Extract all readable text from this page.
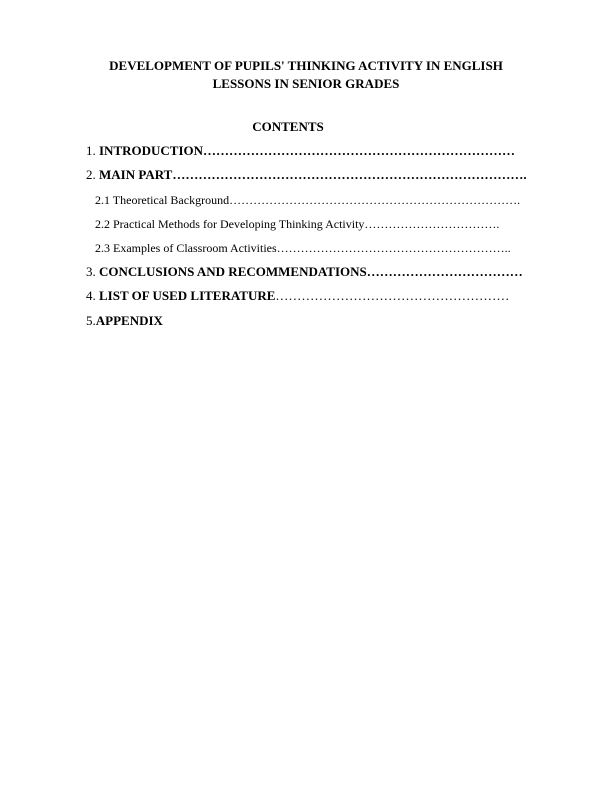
DEVELOPMENT OF PUPILS' THINKING ACTIVITY IN ENGLISH
LESSONS IN SENIOR GRADES
CONTENTS
1. INTRODUCTION………………………………………………………………
2. MAIN PART……………………………………………………………………….
2.1 Theoretical Background……………………………………………………………….
2.2 Practical Methods for Developing Thinking Activity…………………………….
2.3 Examples of Classroom Activities…………………………………………………..
3. CONCLUSIONS AND RECOMMENDATIONS………………………………
4. LIST OF USED LITERATURE………………………………………………
5.APPENDIX
